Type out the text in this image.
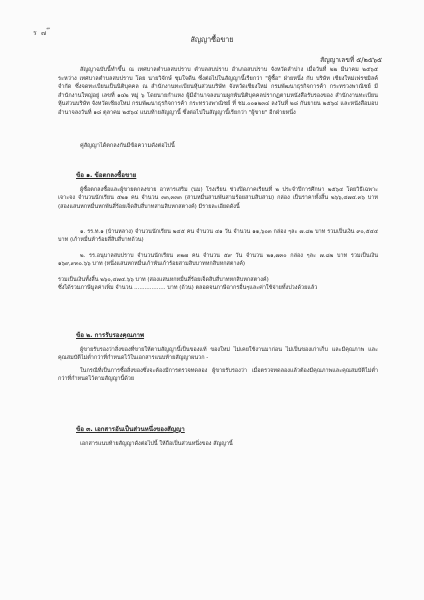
ร ๗ ๊
สัญญาซื้อขาย
สัญญาเลขที่ ๕/๒๕๖๕

สัญญาฉบับนี้ทำขึ้น ณ เทศบาลตำบลสบปราบ ตำบลสบปราบ อำเภอสบปราบ จังหวัดลำปาง เมื่อวันที่ ๒๒ มีนาคม ๒๕๖๕ ระหว่าง เทศบาลตำบลสบปราบ โดย นายวิจักษ์ ชุมใจดีน ซึ่งต่อไปในสัญญานี้เรียกว่า "ผู้ซื้อ" ฝ่ายหนึ่ง กับ บริษัท เชียงใหม่เฟรชมิลค์ จำกัด ซึ่งจดทะเบียนเป็นนิติบุคคล ณ สำนักงานทะเบียนหุ้นส่วนบริษัท จังหวัดเชียงใหม่ กรมพัฒนาธุรกิจการค้า กระทรวงพาณิชย์ มีสำนักงานใหญ่อยู่ เลขที่ ๑๔๒ หมู่ ๖ โดยนายกำแหง ผู้มีอำนาจลงนามผูกพันนิติบุคคลปรากฏตามหนังสือรับรองของ สำนักงานทะเบียนหุ้นส่วนบริษัท จังหวัดเชียงใหม่ กรมพัฒนาธุรกิจการค้า กระทรวงพาณิชย์ ที่ ชม.๐๐๑๒๓๔ ลงวันที่ ๒๘ กันยายน ๒๕๖๔ และหนังสือมอบอำนาจลงวันที่ ๑๘ ตุลาคม ๒๕๖๔ แนบท้ายสัญญานี้ ซึ่งต่อไปในสัญญานี้เรียกว่า "ผู้ขาย" อีกฝ่ายหนึ่ง

คู่สัญญาได้ตกลงกันมีข้อความดังต่อไปนี้

ข้อ ๑. ข้อตกลงซื้อขาย

ผู้ซื้อตกลงซื้อและผู้ขายตกลงขาย อาหารเสริม (นม) โรงเรียน ช่วงปิดภาคเรียนที่ ๒ ประจำปีการศึกษา ๒๕๖๔ โดยวิธีเฉพาะเจาะจง จำนวนนักเรียน ๕๒๑ คน จำนวน ๓๓,๓๓๓ (สามหมื่นสามพันสามร้อยสามสิบสาม) กล่อง เป็นราคาทั้งสิ้น ๒๖๖,๔๗๔.๓๖ บาท (สองแสนหกหมื่นหกพันสี่ร้อยเจ็ดสิบสี่บาทสามสิบหกสตางค์) มีรายละเอียดดังนี้

๑. รร.ท.๑ (บ้านหลาง) จำนวนนักเรียน ๒๔๕ คน จำนวน ๔๑ วัน จำนวน ๑๑,๖๐๓ กล่อง ๆละ ๗.๘๒ บาท รวมเป็นเงิน ๙๐,๕๔๔ บาท (เก้าหมื่นห้าร้อยสี่สิบสี่บาทถ้วน)

๒. รร.อนุบาลสบปราบ จำนวนนักเรียน ๓๒๗ คน จำนวน ๕๙ วัน จำนวน ๒๑,๗๓๐ กล่อง ๆละ ๗.๘๒ บาท รวมเป็นเงิน ๑๖๙,๙๓๐.๖๖ บาท (หนึ่งแสนหกหมื่นเก้าพันเก้าร้อยสามสิบบาทหกสิบหกสตางค์)

รวมเป็นเงินทั้งสิ้น ๒๖๐,๔๗๔.๖๖ บาท (สองแสนหกหมื่นสี่ร้อยเจ็ดสิบสี่บาทหกสิบหกสตางค์)

ซึ่งได้รวมภาษีมูลค่าเพิ่ม จำนวน .................. บาท (ถ้วน) ตลอดจนภาษีอากรอื่นๆและค่าใช้จ่ายทั้งปวงด้วยแล้ว

ข้อ ๒. การรับรองคุณภาพ

ผู้ขายรับรองว่าสิ่งของที่ขายให้ตามสัญญานี้เป็นของแท้ ของใหม่ ไม่เคยใช้งานมาก่อน ไม่เป็นของเก่าเก็บ และมีคุณภาพ และคุณสมบัติไม่ต่ำกว่าที่กำหนดไว้ในเอกสารแนบท้ายสัญญาผนวก -

ในกรณีที่เป็นการซื้อสิ่งของซึ่งจะต้องมีการตรวจทดลอง ผู้ขายรับรองว่า เมื่อตรวจทดลองแล้วต้องมีคุณภาพและคุณสมบัติไม่ต่ำกว่าที่กำหนดไว้ตามสัญญานี้ด้วย

ข้อ ๓. เอกสารอันเป็นส่วนหนึ่งของสัญญา

เอกสารแนบท้ายสัญญาดังต่อไปนี้ ให้ถือเป็นส่วนหนึ่งของ สัญญานี้
